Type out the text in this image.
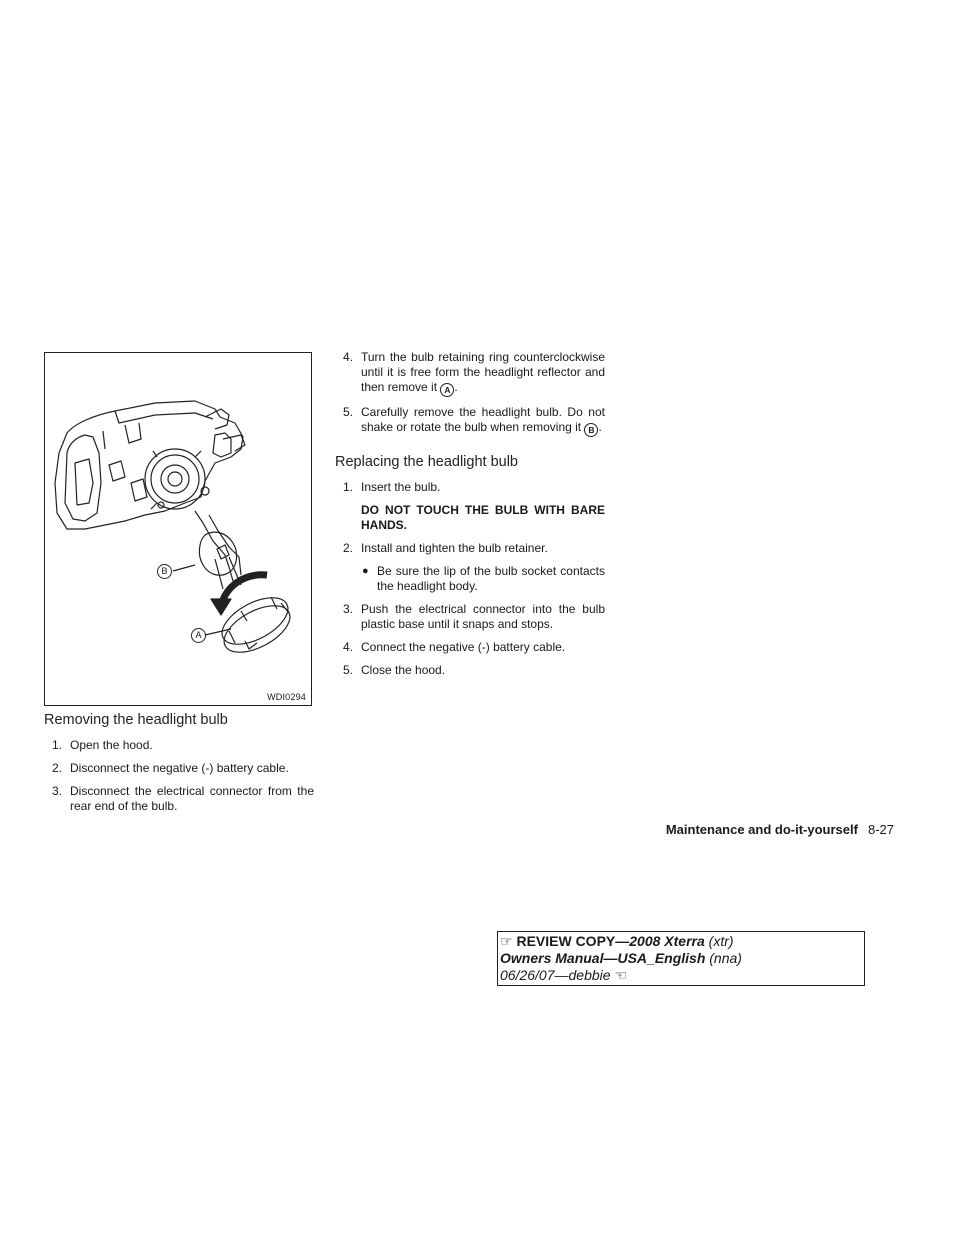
B
A
WDI0294
Removing the headlight bulb
1. Open the hood.
2. Disconnect the negative (-) battery cable.
3. Disconnect the electrical connector from the rear end of the bulb.
4. Turn the bulb retaining ring counterclockwise until it is free form the headlight reflector and then remove it A .
5. Carefully remove the headlight bulb. Do not shake or rotate the bulb when removing it B .
Replacing the headlight bulb
1. Insert the bulb.
DO NOT TOUCH THE BULB WITH BARE HANDS.
2. Install and tighten the bulb retainer.
● Be sure the lip of the bulb socket contacts the headlight body.
3. Push the electrical connector into the bulb plastic base until it snaps and stops.
4. Connect the negative (-) battery cable.
5. Close the hood.
Maintenance and do-it-yourself 8-27
☞ REVIEW COPY—2008 Xterra (xtr)
Owners Manual—USA_English (nna)
06/26/07—debbie ☜
